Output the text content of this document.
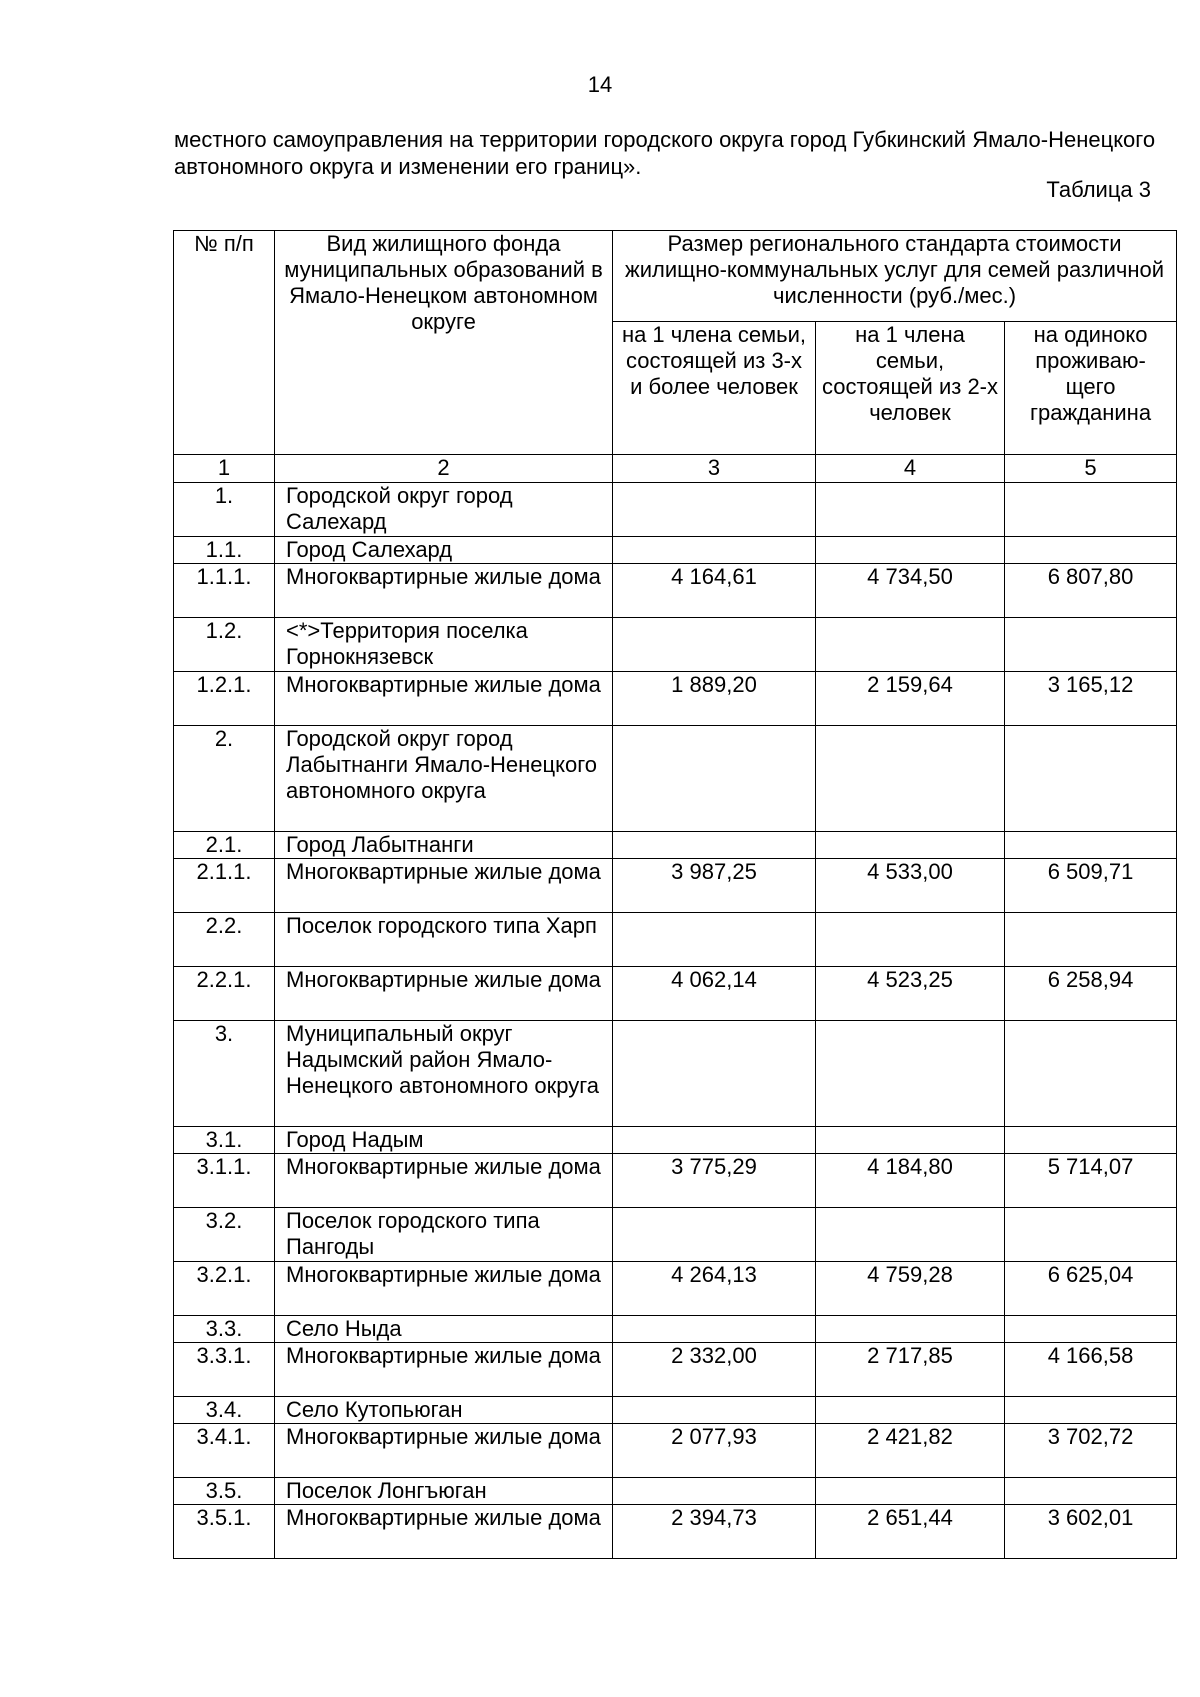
14
местного самоуправления на территории городского округа город Губкинский Ямало-Ненецкого автономного округа и изменении его границ».
Таблица 3
№ п/п	Вид жилищного фонда муниципальных образований в Ямало-Ненецком автономном округе	Размер регионального стандарта стоимости жилищно-коммунальных услуг для семей различной численности (руб./мес.)		
		на 1 члена семьи, состоящей из 3-х и более человек	на 1 члена семьи, состоящей из 2-х человек	на одиноко проживаю-щего гражданина
1	2	3	4	5
1.	Городской округ город Салехард			
1.1.	Город Салехард			
1.1.1.	Многоквартирные жилые дома	4 164,61	4 734,50	6 807,80
1.2.	<*>Территория поселка Горнокнязевск			
1.2.1.	Многоквартирные жилые дома	1 889,20	2 159,64	3 165,12
2.	Городской округ город Лабытнанги Ямало-Ненецкого автономного округа			
2.1.	Город Лабытнанги			
2.1.1.	Многоквартирные жилые дома	3 987,25	4 533,00	6 509,71
2.2.	Поселок городского типа Харп			
2.2.1.	Многоквартирные жилые дома	4 062,14	4 523,25	6 258,94
3.	Муниципальный округ Надымский район Ямало-Ненецкого автономного округа			
3.1.	Город Надым			
3.1.1.	Многоквартирные жилые дома	3 775,29	4 184,80	5 714,07
3.2.	Поселок городского типа Пангоды			
3.2.1.	Многоквартирные жилые дома	4 264,13	4 759,28	6 625,04
3.3.	Село Ныда			
3.3.1.	Многоквартирные жилые дома	2 332,00	2 717,85	4 166,58
3.4.	Село Кутопьюган			
3.4.1.	Многоквартирные жилые дома	2 077,93	2 421,82	3 702,72
3.5.	Поселок Лонгъюган			
3.5.1.	Многоквартирные жилые дома	2 394,73	2 651,44	3 602,01
